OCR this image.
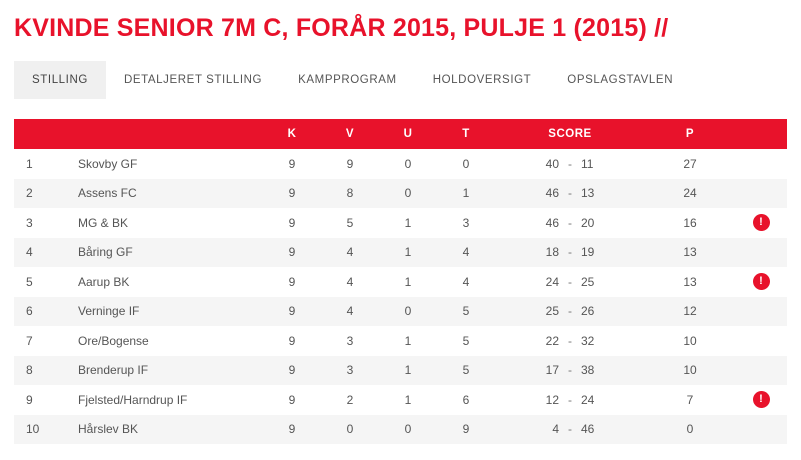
KVINDE SENIOR 7M C, FORÅR 2015, PULJE 1 (2015) //
STILLING	DETALJERET STILLING	KAMPPROGRAM	HOLDOVERSIGT	OPSLAGSTAVLEN
		K	V	U	T	SCORE	P	
1	Skovby GF	9	9	0	0	40 - 11	27	
2	Assens FC	9	8	0	1	46 - 13	24	
3	MG & BK	9	5	1	3	46 - 20	16	!
4	Båring GF	9	4	1	4	18 - 19	13	
5	Aarup BK	9	4	1	4	24 - 25	13	!
6	Verninge IF	9	4	0	5	25 - 26	12	
7	Ore/Bogense	9	3	1	5	22 - 32	10	
8	Brenderup IF	9	3	1	5	17 - 38	10	
9	Fjelsted/Harndrup IF	9	2	1	6	12 - 24	7	!
10	Hårslev BK	9	0	0	9	4 - 46	0	
